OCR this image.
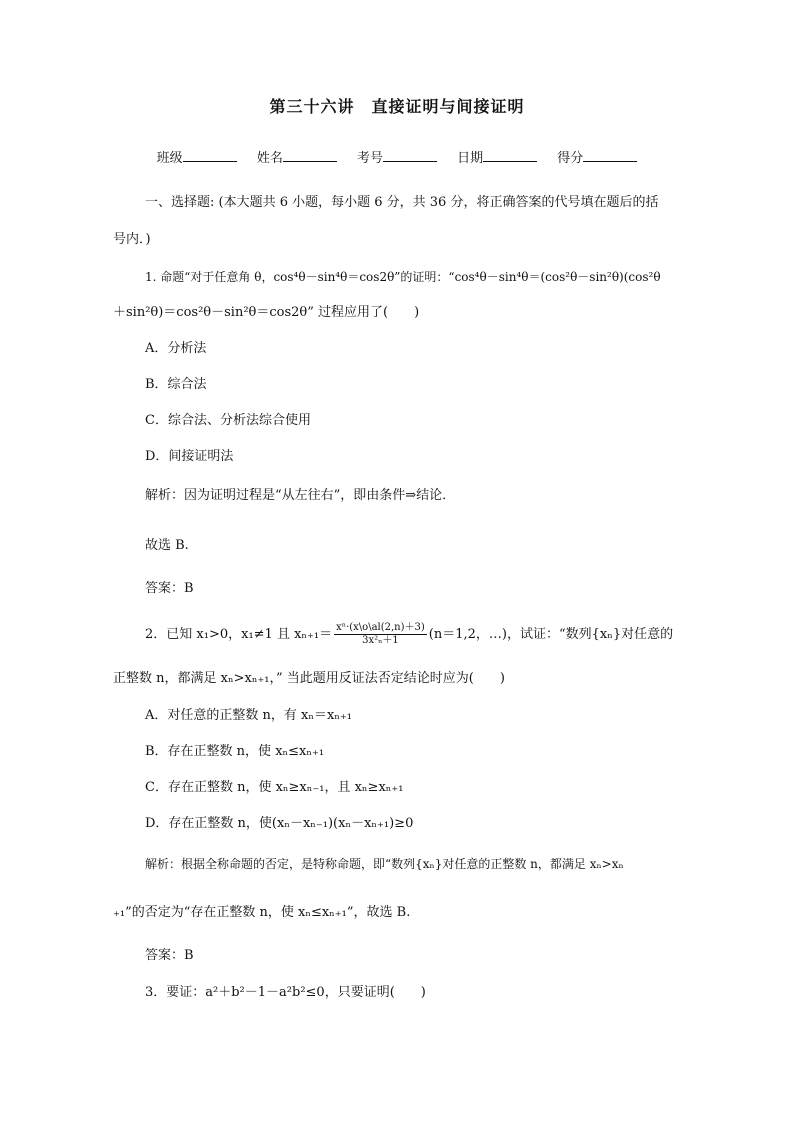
第三十六讲　直接证明与间接证明
班级	姓名	考号	日期	得分
一、选择题: (本大题共 6 小题，每小题 6 分，共 36 分，将正确答案的代号填在题后的括
号内．)
1. 命题“对于任意角 θ，cos⁴θ－sin⁴θ＝cos2θ”的证明：“cos⁴θ－sin⁴θ＝(cos²θ－sin²θ)(cos²θ
＋sin²θ)＝cos²θ－sin²θ＝cos2θ” 过程应用了(　　)
A．分析法
B．综合法
C．综合法、分析法综合使用
D．间接证明法
解析：因为证明过程是“从左往右”，即由条件⇒结论．
故选 B.
答案：B
2．已知 x₁>0，x₁≠1 且 $x_{n+1}= \frac{\text{xⁿ·(x\textbackslash{}o\textbackslash{}al(2,n)＋3)}}{\text{3x²ₙ＋1}} (n=1,2$，…)，试证：“数列{xₙ}对任意的
正整数 n，都满足 xₙ>xₙ₊₁，” 当此题用反证法否定结论时应为(　　)
A．对任意的正整数 n，有 xₙ＝xₙ₊₁
B．存在正整数 n，使 xₙ≤xₙ₊₁
C．存在正整数 n，使 xₙ≥xₙ₋₁，且 xₙ≥xₙ₊₁
D．存在正整数 n，使(xₙ－xₙ₋₁)(xₙ－xₙ₊₁)≥0
解析：根据全称命题的否定，是特称命题，即“数列{xₙ}对任意的正整数 n，都满足 xₙ>xₙ
₊₁”的否定为“存在正整数 n，使 xₙ≤xₙ₊₁”，故选 B.
答案：B
3．要证：a²＋b²－1－a²b²≤0，只要证明(　　)
